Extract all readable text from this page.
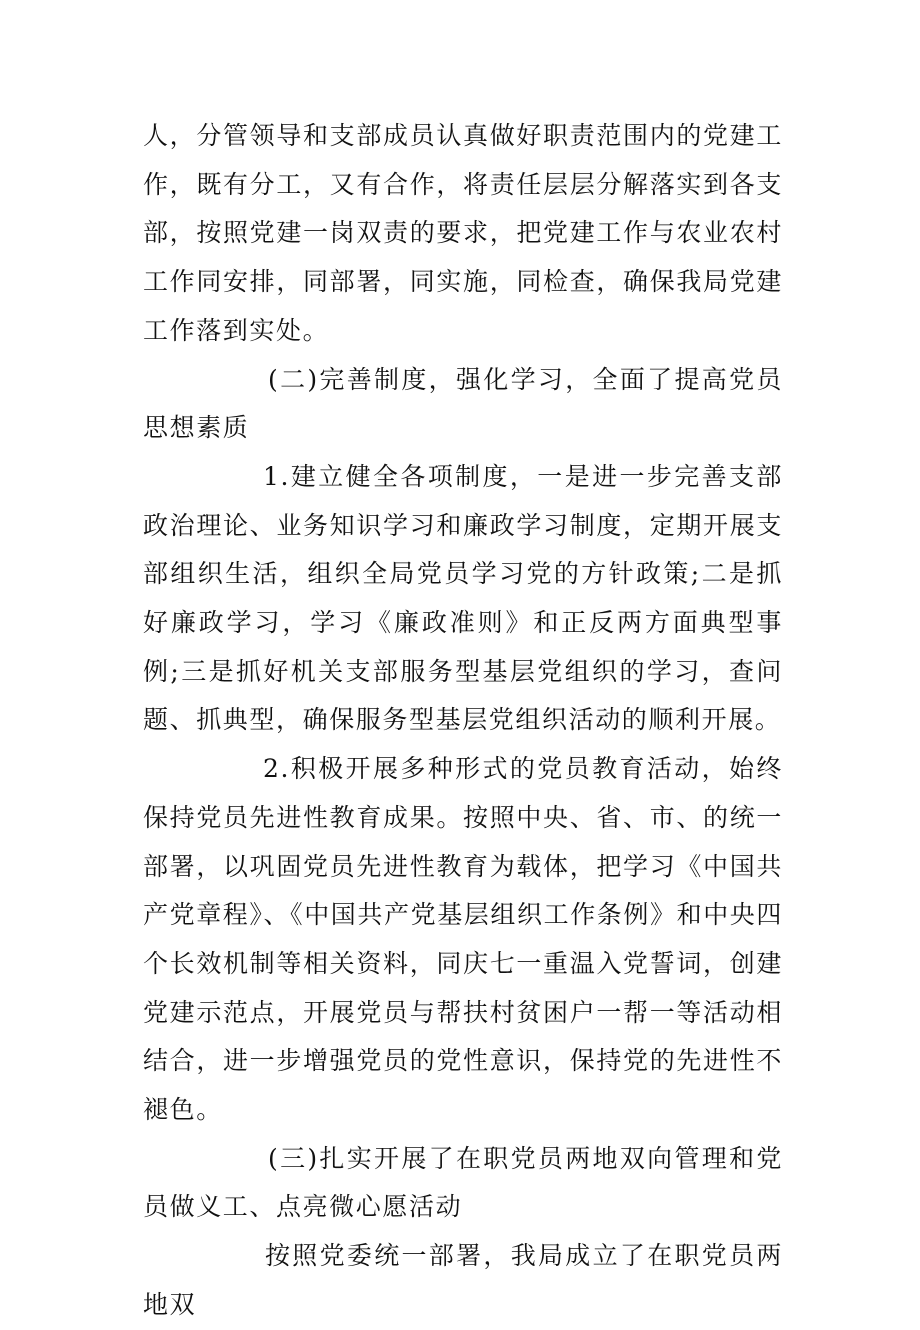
人，分管领导和支部成员认真做好职责范围内的党建工作，既有分工，又有合作，将责任层层分解落实到各支部，按照党建一岗双责的要求，把党建工作与农业农村工作同安排，同部署，同实施，同检查，确保我局党建工作落到实处。

(二)完善制度，强化学习，全面了提高党员思想素质

1.建立健全各项制度，一是进一步完善支部政治理论、业务知识学习和廉政学习制度，定期开展支部组织生活，组织全局党员学习党的方针政策;二是抓好廉政学习，学习《廉政准则》和正反两方面典型事例;三是抓好机关支部服务型基层党组织的学习，查问题、抓典型，确保服务型基层党组织活动的顺利开展。

2.积极开展多种形式的党员教育活动，始终保持党员先进性教育成果。按照中央、省、市、的统一部署，以巩固党员先进性教育为载体，把学习《中国共产党章程》、《中国共产党基层组织工作条例》和中央四个长效机制等相关资料，同庆七一重温入党誓词，创建党建示范点，开展党员与帮扶村贫困户一帮一等活动相结合，进一步增强党员的党性意识，保持党的先进性不褪色。

(三)扎实开展了在职党员两地双向管理和党员做义工、点亮微心愿活动

按照党委统一部署，我局成立了在职党员两地双
